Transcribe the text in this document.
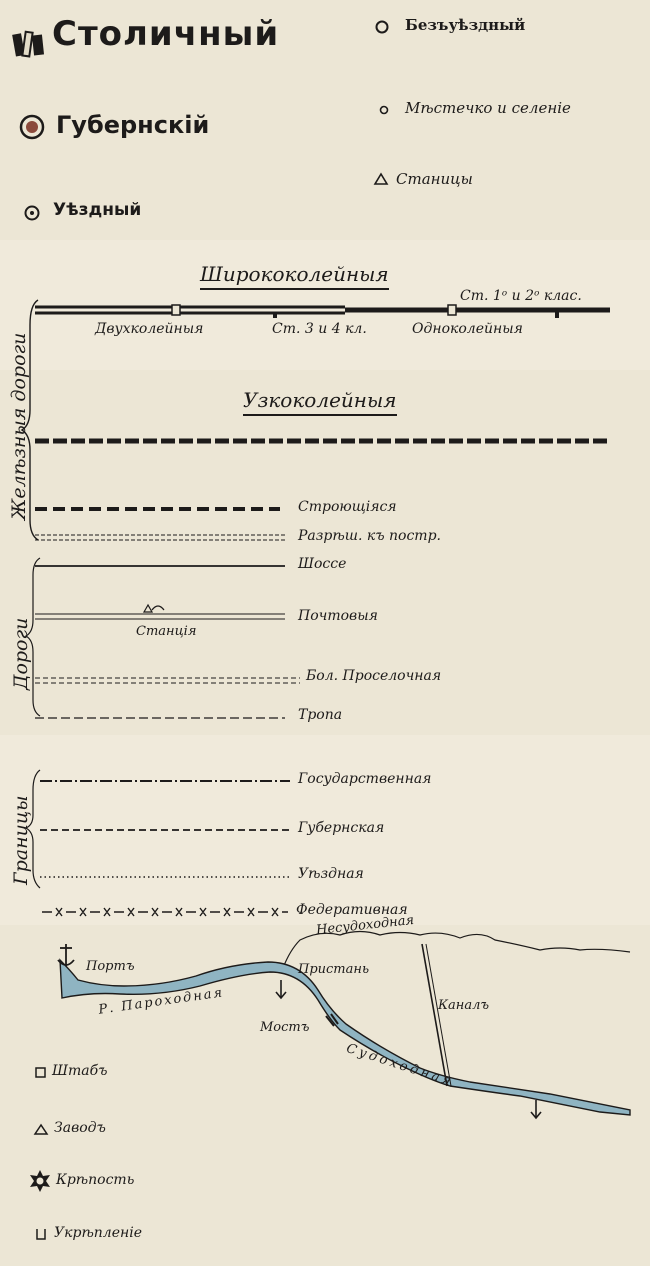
Столичный
Губернскій
Уѣздный
Безъуѣздный
Мѣстечко и селеніе
Станицы
Желѣзныя дороги
Ширококолейныя
Ст. 1ᵒ и 2ᵒ клас.
Двухколейныя	Ст. 3 и 4 кл.	Одноколейныя
Узкоколейныя
Строющіяся
Разрѣш. къ постр.
Дороги
Шоссе
Почтовыя
Станція
Бол. Проселочная
Тропа
Границы
Государственная
Губернская
Уѣздная
Федеративная
Несудоходная
Портъ	Пристань
Р. Пароходная
Мостъ
Каналъ
Судоходная
Штабъ
Заводъ
Крѣпость
Укрѣпленіе
